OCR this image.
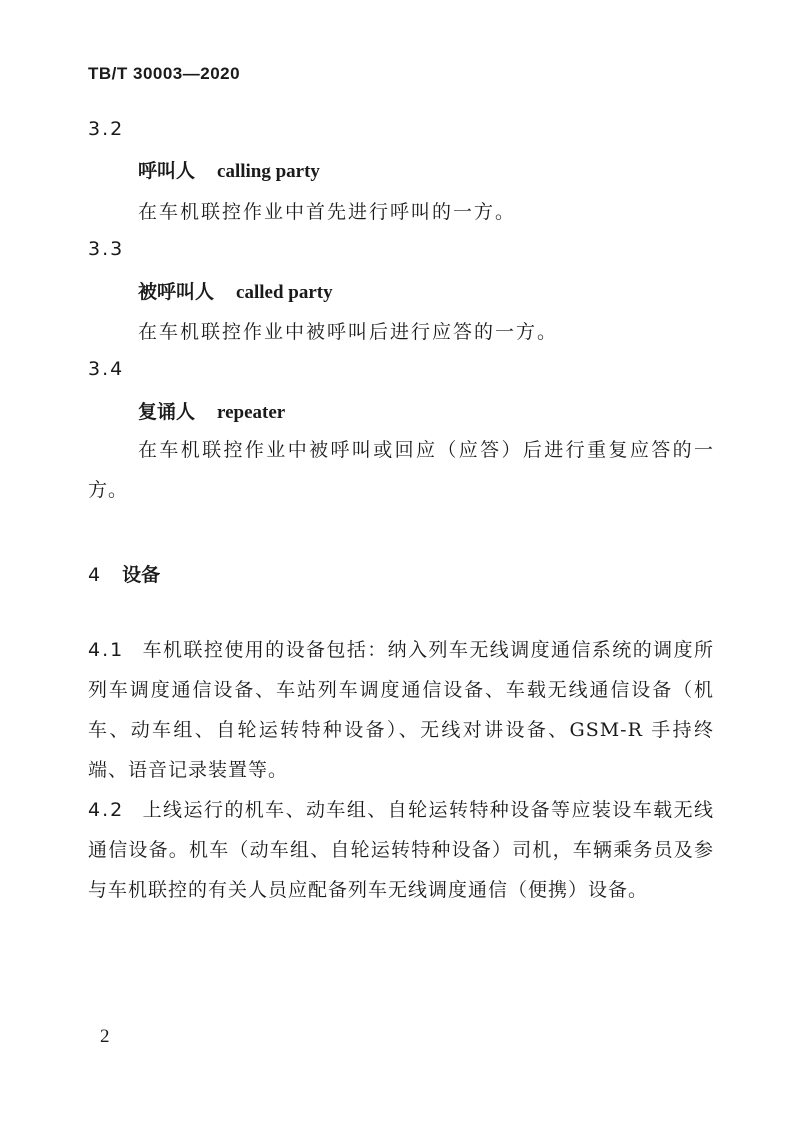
TB/T 30003—2020
3.2
呼叫人 calling party
在车机联控作业中首先进行呼叫的一方。
3.3
被呼叫人 called party
在车机联控作业中被呼叫后进行应答的一方。
3.4
复诵人 repeater
在车机联控作业中被呼叫或回应（应答）后进行重复应答的一方。
4 设备
4.1 车机联控使用的设备包括：纳入列车无线调度通信系统的调度所列车调度通信设备、车站列车调度通信设备、车载无线通信设备（机车、动车组、自轮运转特种设备）、无线对讲设备、GSM-R 手持终端、语音记录装置等。
4.2 上线运行的机车、动车组、自轮运转特种设备等应装设车载无线通信设备。机车（动车组、自轮运转特种设备）司机，车辆乘务员及参与车机联控的有关人员应配备列车无线调度通信（便携）设备。
2
